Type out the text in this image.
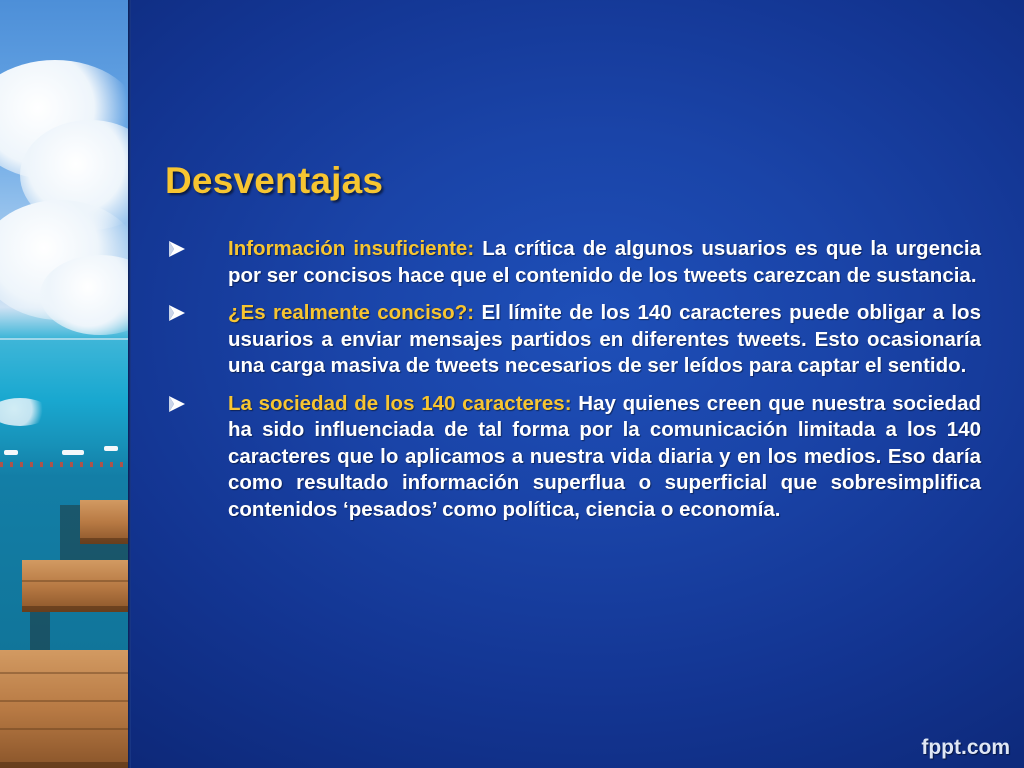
Desventajas
Información insuficiente: La crítica de algunos usuarios es que la urgencia por ser concisos hace que el contenido de los tweets carezcan de sustancia.
¿Es realmente conciso?: El límite de los 140 caracteres puede obligar a los usuarios a enviar mensajes partidos en diferentes tweets. Esto ocasionaría una carga masiva de tweets necesarios de ser leídos para captar el sentido.
La sociedad de los 140 caracteres: Hay quienes creen que nuestra sociedad ha sido influenciada de tal forma por la comunicación limitada a los 140 caracteres que lo aplicamos a nuestra vida diaria y en los medios. Eso daría como resultado información superflua o superficial que sobresimplifica contenidos ‘pesados’ como política, ciencia o economía.
fppt.com
